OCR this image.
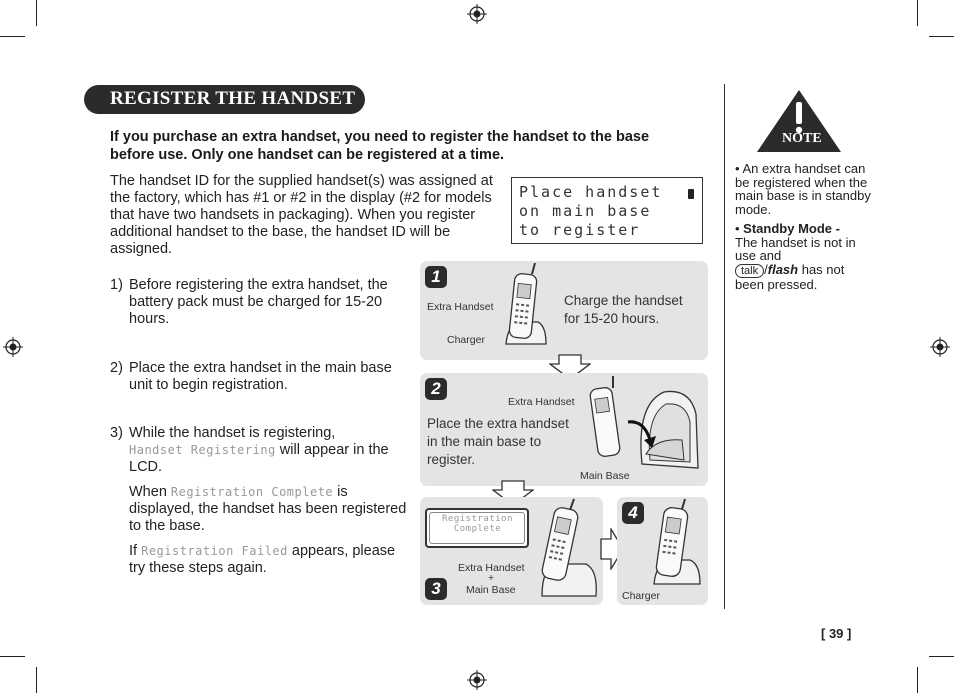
REGISTER THE HANDSET
If you purchase an extra handset, you need to register the handset to the base before use. Only one handset can be registered at a time.
The handset ID for the supplied handset(s) was assigned at the factory, which has #1 or #2 in the display (#2 for models that have two handsets in packaging). When you register additional handset to the base, the handset ID will be assigned.
Place handset
on main base
to register
1) Before registering the extra handset, the battery pack must be charged for 15-20 hours.
2) Place the extra handset in the main base unit to begin registration.
3) While the handset is registering,
Handset Registering will appear in the LCD.
When Registration Complete is displayed, the handset has been registered to the base.
If Registration Failed appears, please try these steps again.
1
Extra Handset
Charger
Charge the handset for 15-20 hours.
2
Extra Handset
Place the extra handset in the main base to register.
Main Base
Registration Complete
Extra Handset
+
Main Base
3
4
Charger
NOTE

• An extra handset can be registered when the main base is in standby mode.

• Standby Mode -
The handset is not in use and
talk /flash has not been pressed.

[ 39 ]
